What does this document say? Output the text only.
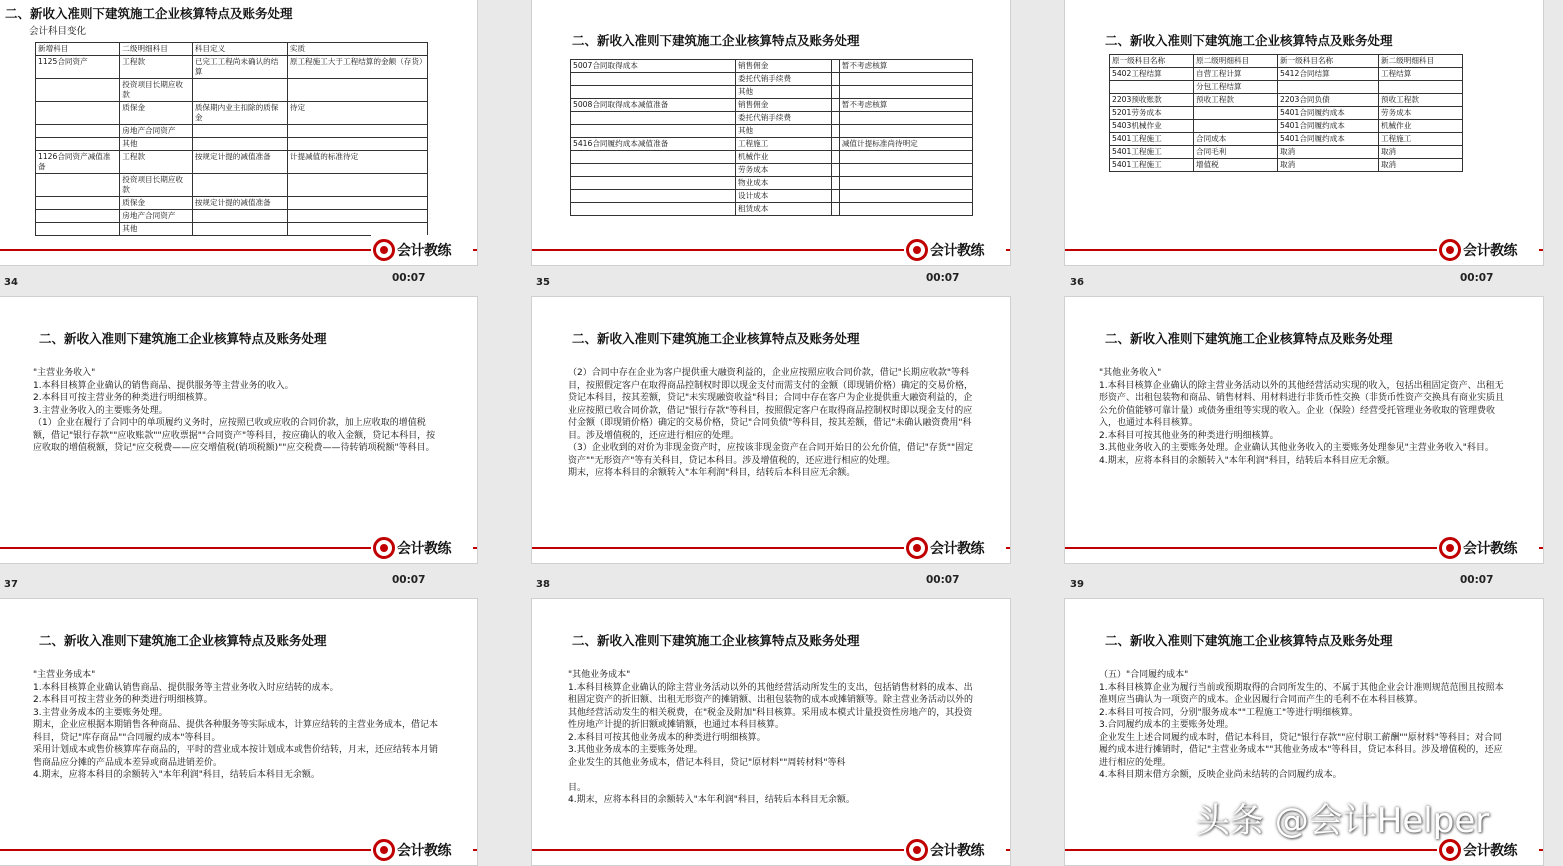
二、新收入准则下建筑施工企业核算特点及账务处理
会计科目变化
新增科目	二级明细科目	科目定义	实质
1125合同资产	工程款	已完工工程尚未确认的结算	原工程施工大于工程结算的金额（存货）
	投资项目长期应收款		
	质保金	质保期内业主扣除的质保金	待定
	房地产合同资产		
	其他		
1126合同资产减值准备	工程款	按规定计提的减值准备	计提减值的标准待定
	投资项目长期应收款		
	质保金	按规定计提的减值准备	
	房地产合同资产		
	其他		
会计教练
二、新收入准则下建筑施工企业核算特点及账务处理
5007合同取得成本	销售佣金		暂不考虑核算
	委托代销手续费		
	其他		
5008合同取得成本减值准备	销售佣金		暂不考虑核算
	委托代销手续费		
	其他		
5416合同履约成本减值准备	工程施工		减值计提标准尚待明定
	机械作业		
	劳务成本		
	物业成本		
	设计成本		
	租赁成本		
会计教练
二、新收入准则下建筑施工企业核算特点及账务处理
原一级科目名称	原二级明细科目	新一级科目名称	新二级明细科目
5402工程结算	自营工程计算	5412合同结算	工程结算
	分包工程结算		
2203预收账款	预收工程款	2203合同负债	预收工程款
5201劳务成本		5401合同履约成本	劳务成本
5403机械作业		5401合同履约成本	机械作业
5401工程施工	合同成本	5401合同履约成本	工程施工
5401工程施工	合同毛利	取消	取消
5401工程施工	增值税	取消	取消
会计教练
34	00:07	35	00:07	36	00:07
二、新收入准则下建筑施工企业核算特点及账务处理
"主营业务收入"
1.本科目核算企业确认的销售商品、提供服务等主营业务的收入。
2.本科目可按主营业务的种类进行明细核算。
3.主营业务收入的主要账务处理。
（1）企业在履行了合同中的单项履约义务时，应按照已收或应收的合同价款，加上应收取的增值税额，借记"银行存款""应收账款""应收票据""合同资产"等科目，按应确认的收入金额，贷记本科目，按应收取的增值税额，贷记"应交税费——应交增值税(销项税额)""应交税费——待转销项税额"等科目。
会计教练
二、新收入准则下建筑施工企业核算特点及账务处理
（2）合同中存在企业为客户提供重大融资利益的，企业应按照应收合同价款，借记"长期应收款"等科目，按照假定客户在取得商品控制权时即以现金支付而需支付的金额（即现销价格）确定的交易价格，贷记本科目，按其差额，贷记"未实现融资收益"科目；合同中存在客户为企业提供重大融资利益的，企业应按照已收合同价款，借记"银行存款"等科目，按照假定客户在取得商品控制权时即以现金支付的应付金额（即现销价格）确定的交易价格，贷记"合同负债"等科目，按其差额，借记"未确认融资费用"科目。涉及增值税的，还应进行相应的处理。
（3）企业收到的对价为非现金资产时，应按该非现金资产在合同开始日的公允价值，借记"存货""固定资产""无形资产"等有关科目，贷记本科目。涉及增值税的，还应进行相应的处理。
期末，应将本科目的余额转入"本年利润"科目，结转后本科目应无余额。
会计教练
二、新收入准则下建筑施工企业核算特点及账务处理
"其他业务收入"
1.本科目核算企业确认的除主营业务活动以外的其他经营活动实现的收入，包括出租固定资产、出租无形资产、出租包装物和商品、销售材料、用材料进行非货币性交换（非货币性资产交换具有商业实质且公允价值能够可靠计量）或债务重组等实现的收入。企业（保险）经营受托管理业务收取的管理费收入，也通过本科目核算。
2.本科目可按其他业务的种类进行明细核算。
3.其他业务收入的主要账务处理。企业确认其他业务收入的主要账务处理参见"主营业务收入"科目。
4.期末，应将本科目的余额转入"本年利润"科目，结转后本科目应无余额。
会计教练
37	00:07	38	00:07	39	00:07
二、新收入准则下建筑施工企业核算特点及账务处理
"主营业务成本"
1.本科目核算企业确认销售商品、提供服务等主营业务收入时应结转的成本。
2.本科目可按主营业务的种类进行明细核算。
3.主营业务成本的主要账务处理。
期末，企业应根据本期销售各种商品、提供各种服务等实际成本，计算应结转的主营业务成本，借记本科目，贷记"库存商品""合同履约成本"等科目。
采用计划成本或售价核算库存商品的，平时的营业成本按计划成本或售价结转，月末，还应结转本月销售商品应分摊的产品成本差异或商品进销差价。
4.期末，应将本科目的余额转入"本年利润"科目，结转后本科目无余额。
会计教练
二、新收入准则下建筑施工企业核算特点及账务处理
"其他业务成本"
1.本科目核算企业确认的除主营业务活动以外的其他经营活动所发生的支出，包括销售材料的成本、出租固定资产的折旧额、出租无形资产的摊销额、出租包装物的成本或摊销额等。除主营业务活动以外的其他经营活动发生的相关税费，在"税金及附加"科目核算。采用成本模式计量投资性房地产的，其投资性房地产计提的折旧额或摊销额，也通过本科目核算。
2.本科目可按其他业务成本的种类进行明细核算。
3.其他业务成本的主要账务处理。
企业发生的其他业务成本，借记本科目，贷记"原材料""周转材料"等科

目。
4.期末，应将本科目的余额转入"本年利润"科目，结转后本科目无余额。
会计教练
二、新收入准则下建筑施工企业核算特点及账务处理
（五）"合同履约成本"
1.本科目核算企业为履行当前或预期取得的合同所发生的、不属于其他企业会计准则规范范围且按照本准则应当确认为一项资产的成本。企业因履行合同而产生的毛利不在本科目核算。
2.本科目可按合同，分别"服务成本""工程施工"等进行明细核算。
3.合同履约成本的主要账务处理。
企业发生上述合同履约成本时，借记本科目，贷记"银行存款""应付职工薪酬""原材料"等科目；对合同履约成本进行摊销时，借记"主营业务成本""其他业务成本"等科目，贷记本科目。涉及增值税的，还应进行相应的处理。
4.本科目期末借方余额，反映企业尚未结转的合同履约成本。
会计教练
头条 @会计Helper
